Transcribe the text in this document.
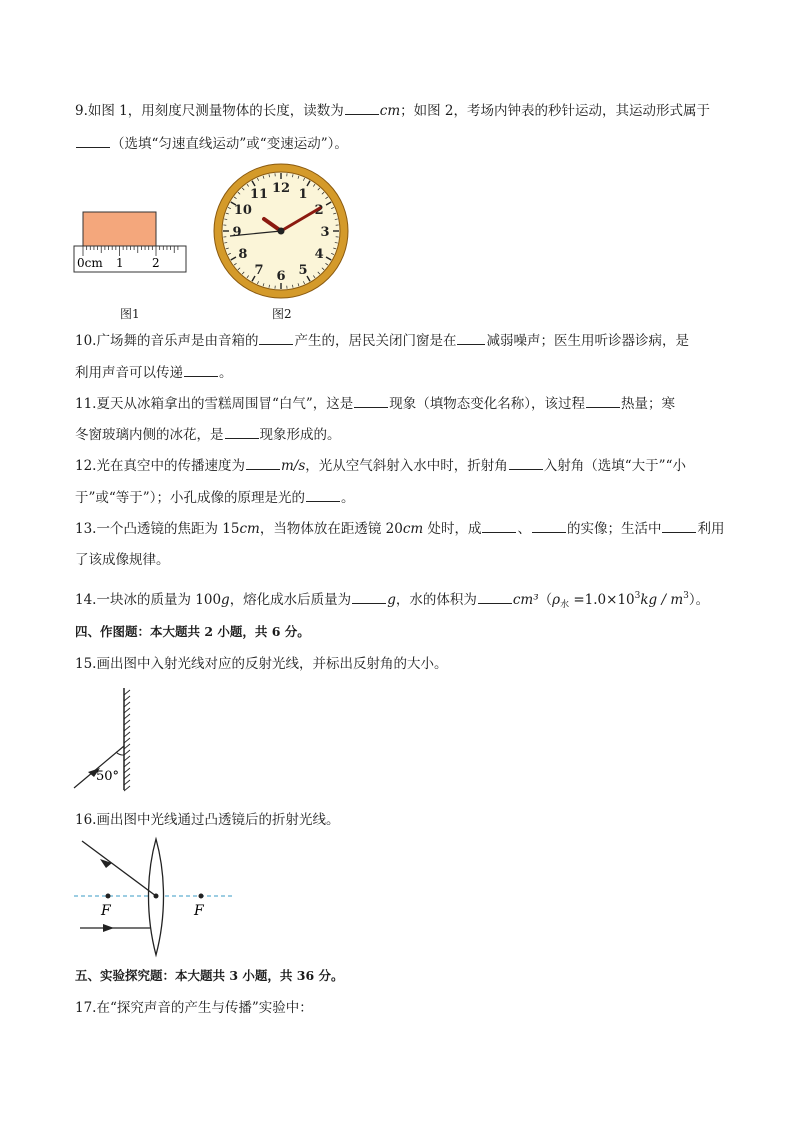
9.如图 1，用刻度尺测量物体的长度，读数为	cm；如图 2，考场内钟表的秒针运动，其运动形式属于
（选填“匀速直线运动”或“变速运动”）。
0cm 1 2
图1
12 1
2
3
4
5
6
7
8
9
10
11
图2
10.广场舞的音乐声是由音箱的	产生的，居民关闭门窗是在 减弱噪声；医生用听诊器诊病，是
利用声音可以传递	。
11.夏天从冰箱拿出的雪糕周围冒“白气”，这是	现象（填物态变化名称），该过程	热量；寒
冬窗玻璃内侧的冰花，是	现象形成的。
12.光在真空中的传播速度为	m/s，光从空气斜射入水中时，折射角	入射角（选填“大于”“小
于”或“等于”）；小孔成像的原理是光的	。
13.一个凸透镜的焦距为 15cm，当物体放在距透镜 20cm 处时，成	、	的实像；生活中	利用
了该成像规律。
14.一块冰的质量为 100g，熔化成水后质量为	g，水的体积为	$cm^3(\rho_水 =1.0\times 10^3kg / m^3)$。
四、作图题：本大题共 2 小题，共 6 分。
15.画出图中入射光线对应的反射光线，并标出反射角的大小。
50°
16.画出图中光线通过凸透镜后的折射光线。
F	F
五、实验探究题：本大题共 3 小题，共 36 分。
17.在“探究声音的产生与传播”实验中：
